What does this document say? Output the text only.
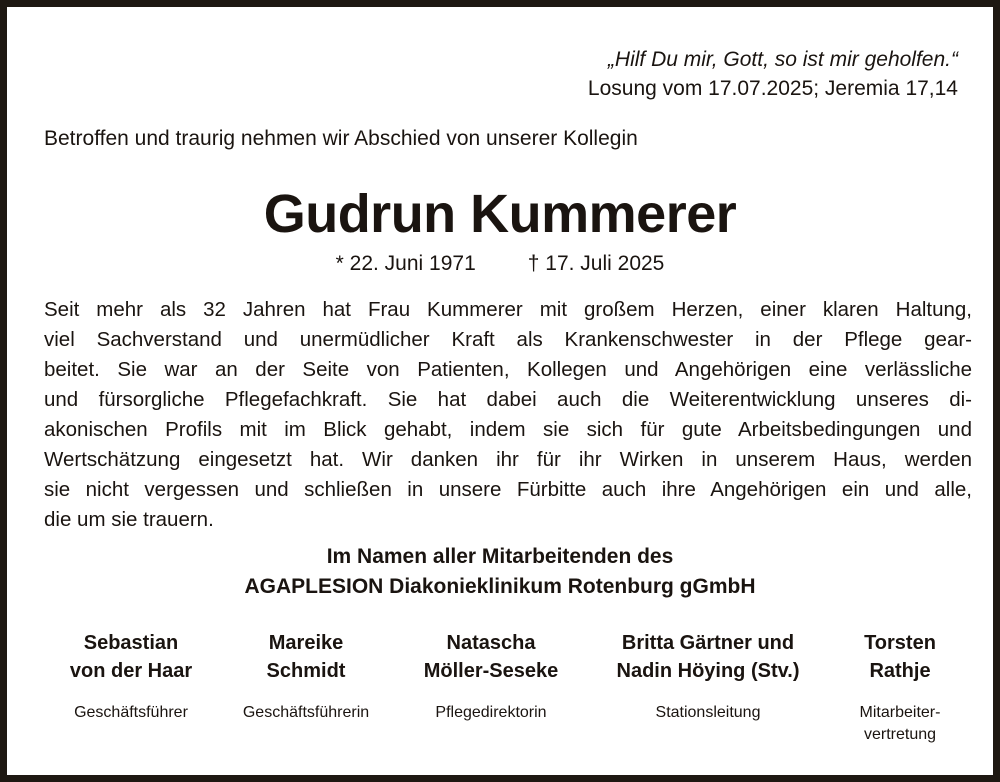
„Hilf Du mir, Gott, so ist mir geholfen.“
Losung vom 17.07.2025; Jeremia 17,14
Betroffen und traurig nehmen wir Abschied von unserer Kollegin
Gudrun Kummerer
* 22. Juni 1971 † 17. Juli 2025
Seit mehr als 32 Jahren hat Frau Kummerer mit großem Herzen, einer klaren Haltung,
viel Sachverstand und unermüdlicher Kraft als Krankenschwester in der Pflege gear-
beitet. Sie war an der Seite von Patienten, Kollegen und Angehörigen eine verlässliche
und fürsorgliche Pflegefachkraft. Sie hat dabei auch die Weiterentwicklung unseres di-
akonischen Profils mit im Blick gehabt, indem sie sich für gute Arbeitsbedingungen und
Wertschätzung eingesetzt hat. Wir danken ihr für ihr Wirken in unserem Haus, werden
sie nicht vergessen und schließen in unsere Fürbitte auch ihre Angehörigen ein und alle,
die um sie trauern.
Im Namen aller Mitarbeitenden des
AGAPLESION Diakonieklinikum Rotenburg gGmbH
Sebastian
von der Haar
Geschäftsführer
Mareike
Schmidt
Geschäftsführerin
Natascha
Möller-Seseke
Pflegedirektorin
Britta Gärtner und
Nadin Höying (Stv.)
Stationsleitung
Torsten
Rathje
Mitarbeiter-
vertretung
